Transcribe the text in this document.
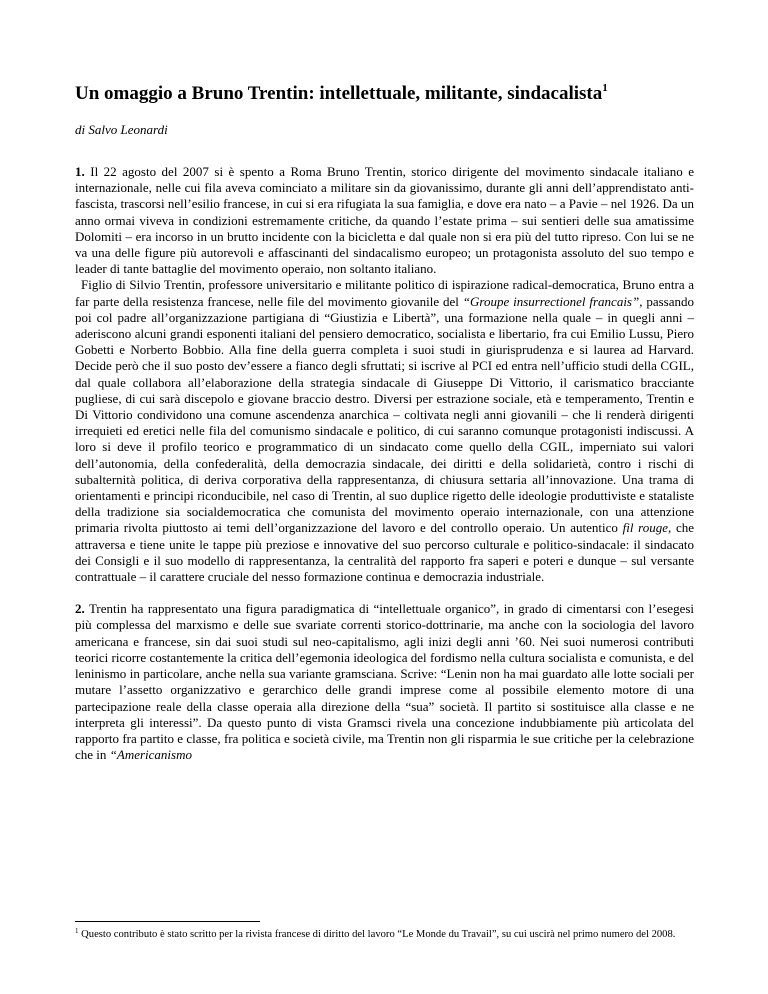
Un omaggio a Bruno Trentin: intellettuale, militante, sindacalista$^1$

di Salvo Leonardi

1. Il 22 agosto del 2007 si è spento a Roma Bruno Trentin, storico dirigente del movimento sindacale italiano e internazionale, nelle cui fila aveva cominciato a militare sin da giovanissimo, durante gli anni dell’apprendistato anti-fascista, trascorsi nell’esilio francese, in cui si era rifugiata la sua famiglia, e dove era nato – a Pavie – nel 1926. Da un anno ormai viveva in condizioni estremamente critiche, da quando l’estate prima – sui sentieri delle sua amatissime Dolomiti – era incorso in un brutto incidente con la bicicletta e dal quale non si era più del tutto ripreso. Con lui se ne va una delle figure più autorevoli e affascinanti del sindacalismo europeo; un protagonista assoluto del suo tempo e leader di tante battaglie del movimento operaio, non soltanto italiano.

Figlio di Silvio Trentin, professore universitario e militante politico di ispirazione radical-democratica, Bruno entra a far parte della resistenza francese, nelle file del movimento giovanile del “Groupe insurrectionel francais”, passando poi col padre all’organizzazione partigiana di “Giustizia e Libertà”, una formazione nella quale – in quegli anni – aderiscono alcuni grandi esponenti italiani del pensiero democratico, socialista e libertario, fra cui Emilio Lussu, Piero Gobetti e Norberto Bobbio. Alla fine della guerra completa i suoi studi in giurisprudenza e si laurea ad Harvard. Decide però che il suo posto dev’essere a fianco degli sfruttati; si iscrive al PCI ed entra nell’ufficio studi della CGIL, dal quale collabora all’elaborazione della strategia sindacale di Giuseppe Di Vittorio, il carismatico bracciante pugliese, di cui sarà discepolo e giovane braccio destro. Diversi per estrazione sociale, età e temperamento, Trentin e Di Vittorio condividono una comune ascendenza anarchica – coltivata negli anni giovanili – che li renderà dirigenti irrequieti ed eretici nelle fila del comunismo sindacale e politico, di cui saranno comunque protagonisti indiscussi. A loro si deve il profilo teorico e programmatico di un sindacato come quello della CGIL, imperniato sui valori dell’autonomia, della confederalità, della democrazia sindacale, dei diritti e della solidarietà, contro i rischi di subalternità politica, di deriva corporativa della rappresentanza, di chiusura settaria all’innovazione. Una trama di orientamenti e principi riconducibile, nel caso di Trentin, al suo duplice rigetto delle ideologie produttiviste e stataliste della tradizione sia socialdemocratica che comunista del movimento operaio internazionale, con una attenzione primaria rivolta piuttosto ai temi dell’organizzazione del lavoro e del controllo operaio. Un autentico fil rouge, che attraversa e tiene unite le tappe più preziose e innovative del suo percorso culturale e politico-sindacale: il sindacato dei Consigli e il suo modello di rappresentanza, la centralità del rapporto fra saperi e poteri e dunque – sul versante contrattuale – il carattere cruciale del nesso formazione continua e democrazia industriale.

2. Trentin ha rappresentato una figura paradigmatica di “intellettuale organico”, in grado di cimentarsi con l’esegesi più complessa del marxismo e delle sue svariate correnti storico-dottrinarie, ma anche con la sociologia del lavoro americana e francese, sin dai suoi studi sul neo-capitalismo, agli inizi degli anni ’60. Nei suoi numerosi contributi teorici ricorre costantemente la critica dell’egemonia ideologica del fordismo nella cultura socialista e comunista, e del leninismo in particolare, anche nella sua variante gramsciana. Scrive: “Lenin non ha mai guardato alle lotte sociali per mutare l’assetto organizzativo e gerarchico delle grandi imprese come al possibile elemento motore di una partecipazione reale della classe operaia alla direzione della “sua” società. Il partito si sostituisce alla classe e ne interpreta gli interessi”. Da questo punto di vista Gramsci rivela una concezione indubbiamente più articolata del rapporto fra partito e classe, fra politica e società civile, ma Trentin non gli risparmia le sue critiche per la celebrazione che in “Americanismo

$^1$ Questo contributo è stato scritto per la rivista francese di diritto del lavoro “Le Monde du Travail”, su cui uscirà nel primo numero del 2008.
